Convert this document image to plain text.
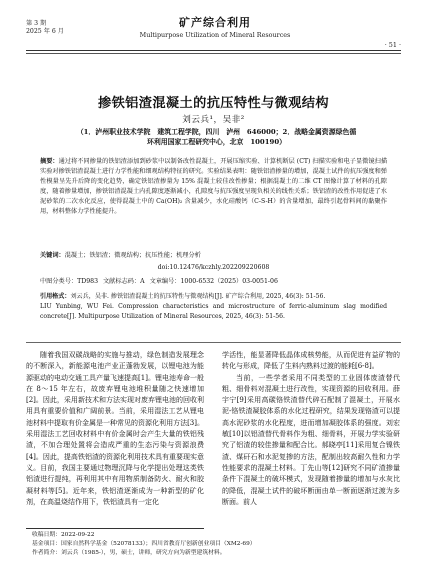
第 3 期
2025 年 6 月
矿产综合利用
Multipurpose Utilization of Mineral Resources
· 51 ·
掺铁铝渣混凝土的抗压特性与微观结构
刘云兵¹，吴非²
（1．泸州职业技术学院　建筑工程学院，四川　泸州　646000；2．战略金属资源绿色循
环利用国家工程研究中心，北京　100190）
摘要：通过将不同掺量的铁铝渣添加到砂浆中以制备改性混凝土，开展压缩实验、计算机断层 (CT) 扫描实验和电子显微镜扫描实验对掺铁铝渣混凝土进行力学性能和细观结构特征的研究。实验结果表明：随铁铝渣掺量的增加，混凝土试件的抗压强度和弹性模量呈先升后降的变化趋势，确定铁铝渣掺量为 15% 混凝土较佳改性掺量；根据混凝土的二维 CT 图像计算了材料的孔隙度，随着掺量增加，掺铁铝渣混凝土内孔隙度逐渐减小，孔隙度与抗压强度呈现负相关的线性关系；铁铝渣的改性作用促进了水泥砂浆的二次水化反应，使得混凝土中的 Ca(OH)₂ 含量减少，水化硅酸钙（C-S-H）的含量增加，最终引起骨料间的黏聚作用，材料整体力学性能提升。
关键词：混凝土；铁铝渣；微观结构；抗压性能；机理分析
doi:10.12476/kczhly.202209220608
中图分类号：TD983 文献标志码：A 文章编号：1000-6532（2025）03-0051-06
引用格式：刘云兵，吴非. 掺铁铝渣混凝土的抗压特性与微观结构[J]. 矿产综合利用, 2025, 46(3): 51-56.
LIU Yunbing, WU Fei. Compression characteristics and microstructure of ferric-aluminum slag modified concrete[J]. Multipurpose Utilization of Mineral Resources, 2025, 46(3): 51-56.

随着我国双碳战略的实施与推动，绿色制造发展理念的不断深入，新能源电池产业正蓬勃发展，以锂电池为能源驱动的电动交通工具产量飞速提高[1]。锂电池寿命一般在 8～15 年左右，故废弃锂电池堆积量随之快速增加[2]。因此，采用新技术和方法实现对废弃锂电池的回收利用具有重要价值和广阔前景。当前，采用湿法工艺从锂电池材料中提取有价金属是一种常见的资源化利用方法[3]。采用湿法工艺回收材料中有价金属时会产生大量的铁铝残渣，不加合理处置将会造成严重的生态污染与资源浪费[4]。因此，提高铁铝渣的资源化利用技术具有重要现实意义。目前，我国主要通过物理沉降与化学提出处理这类铁铝渣进行提纯，再利用其中有用物质制备防火、耐火和胶凝材料等[5]。近年来，铁铝渣逐渐成为一种新型的矿化剂，在高温烧结作用下，铁铝渣具有一定化

学活性，能显著降低晶体成核势能，从而促进有益矿物的转化与形成，降低了生料内熟料过渡的能耗[6-8]。

当前，一些学者采用不同类型的工业固体废渣替代粗、细骨料对混凝土进行改性，实现资源的回收利用。薛宇宁[9]采用高碳铬铁渣替代碎石配制了混凝土，开展水泥-铬铁渣凝胶体系的水化过程研究，结果发现铬渣可以提高水泥砂浆的水化程度，进而增加凝胶体系的强度。刘宏敏[10]以铝渣替代骨料作为粗、细骨料，开展力学实验研究了铝渣的较佳掺量和配合比。郝晓亭[11]采用复合镍铁渣、煤矸石和水泥复掺的方法，配制出较高耐久性和力学性能要求的混凝土材料。丁先山等[12]研究不同矿渣掺量条件下混凝土的破坏模式，发现随着掺量的增加与水灰比的降低，混凝土试件的破坏断面由单一断面逐渐过渡为多断面。前人

收稿日期：2022-09-22
基金项目：国家自然科学基金（52078133）；四川省教育厅创新创业项目（XM2-69）
作者简介：刘云兵（1985-），男，硕士，讲师，研究方向为新型建筑材料。
